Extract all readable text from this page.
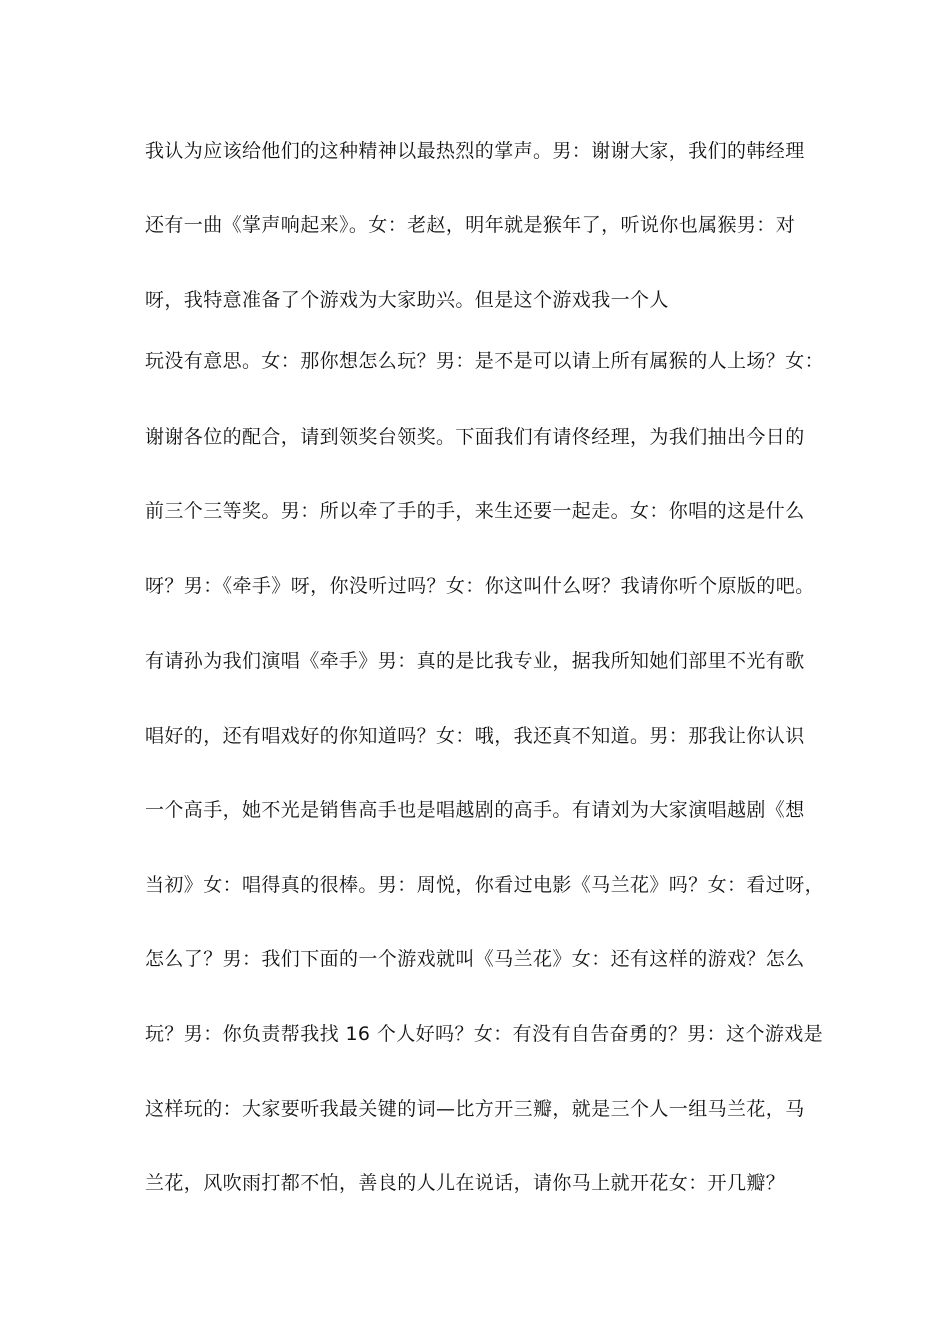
我认为应该给他们的这种精神以最热烈的掌声。男：谢谢大家，我们的韩经理
还有一曲《掌声响起来》。女：老赵，明年就是猴年了，听说你也属猴男：对
呀，我特意准备了个游戏为大家助兴。但是这个游戏我一个人
玩没有意思。女：那你想怎么玩？男：是不是可以请上所有属猴的人上场？女：
谢谢各位的配合，请到领奖台领奖。下面我们有请佟经理，为我们抽出今日的
前三个三等奖。男：所以牵了手的手，来生还要一起走。女：你唱的这是什么
呀？男：《牵手》呀，你没听过吗？女：你这叫什么呀？我请你听个原版的吧。
有请孙为我们演唱《牵手》男：真的是比我专业，据我所知她们部里不光有歌
唱好的，还有唱戏好的你知道吗？女：哦，我还真不知道。男：那我让你认识
一个高手，她不光是销售高手也是唱越剧的高手。有请刘为大家演唱越剧《想
当初》女：唱得真的很棒。男：周悦，你看过电影《马兰花》吗？女：看过呀，
怎么了？男：我们下面的一个游戏就叫《马兰花》女：还有这样的游戏？怎么
玩？男：你负责帮我找 16 个人好吗？女：有没有自告奋勇的？男：这个游戏是
这样玩的：大家要听我最关键的词—比方开三瓣，就是三个人一组马兰花，马
兰花，风吹雨打都不怕，善良的人儿在说话，请你马上就开花女：开几瓣？
